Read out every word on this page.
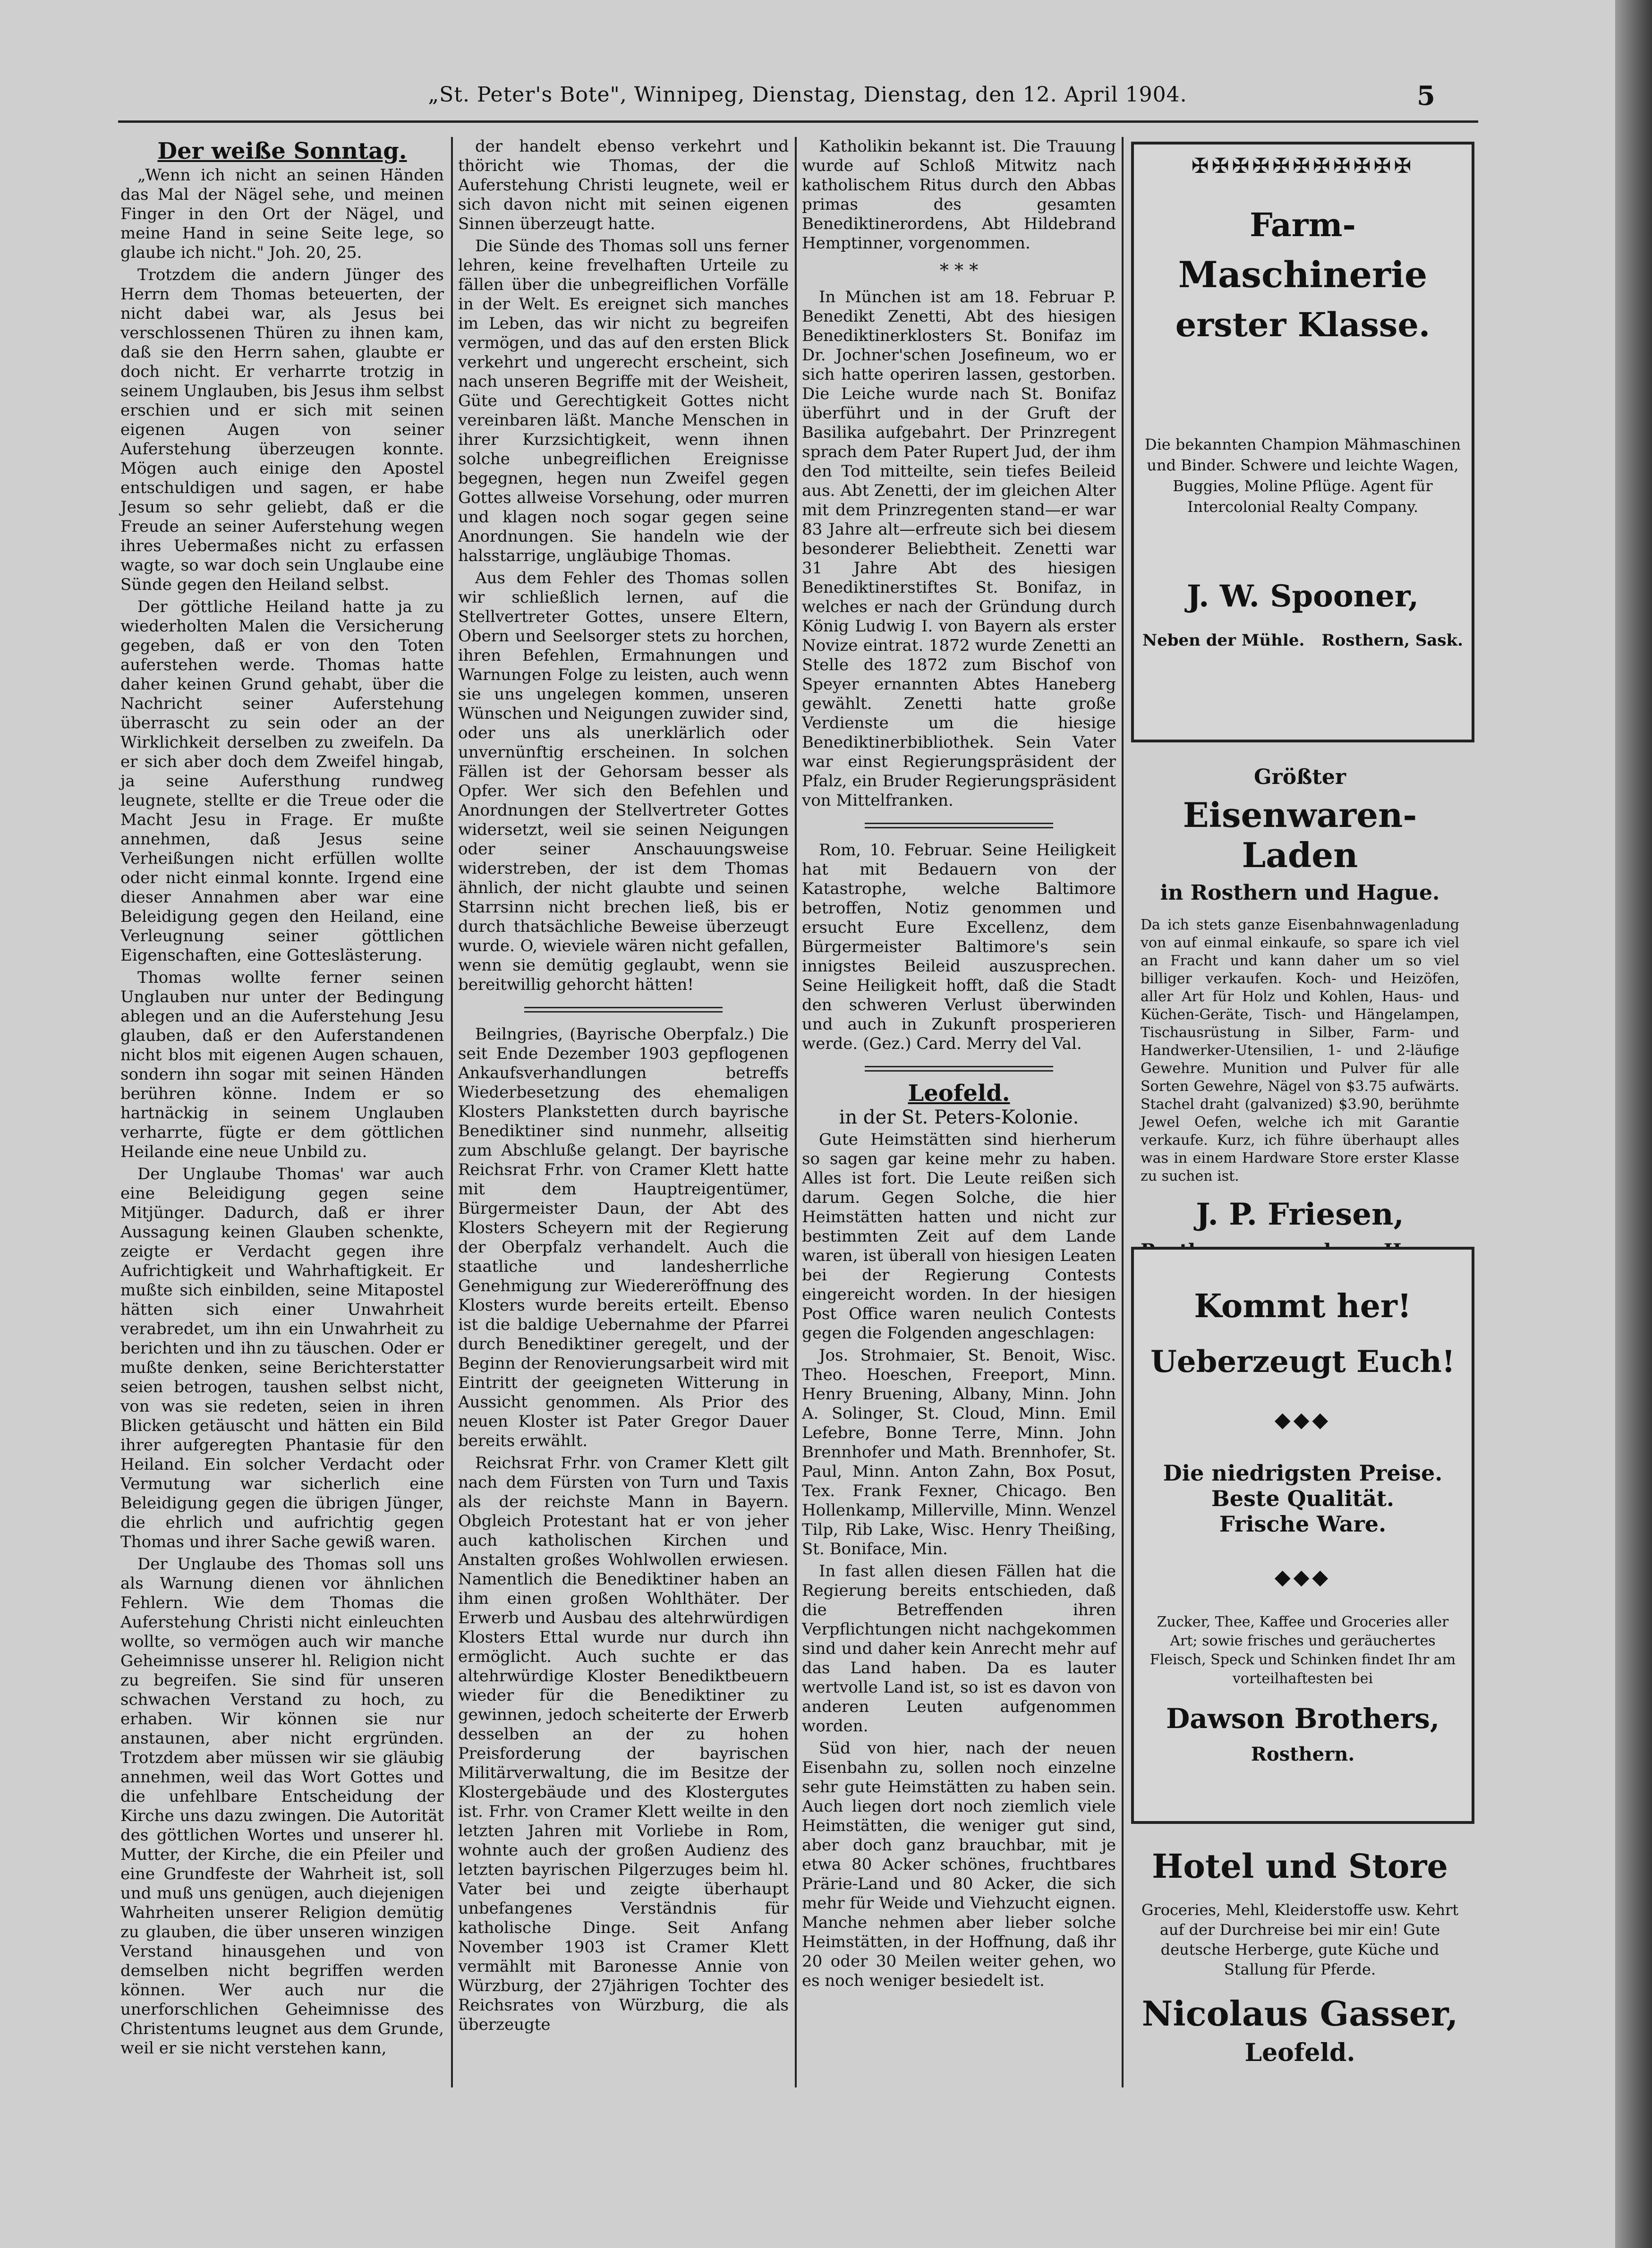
„St. Peter's Bote", Winnipeg, Dienstag, Dienstag, den 12. April 1904.	5
Der weiße Sonntag.

„Wenn ich nicht an seinen Händen das Mal der Nägel sehe, und meinen Finger in den Ort der Nägel, und meine Hand in seine Seite lege, so glaube ich nicht." Joh. 20, 25.

Trotzdem die andern Jünger des Herrn dem Thomas beteuerten, der nicht dabei war, als Jesus bei verschlossenen Thüren zu ihnen kam, daß sie den Herrn sahen, glaubte er doch nicht. Er verharrte trotzig in seinem Unglauben, bis Jesus ihm selbst erschien und er sich mit seinen eigenen Augen von seiner Auferstehung überzeugen konnte. Mögen auch einige den Apostel entschuldigen und sagen, er habe Jesum so sehr geliebt, daß er die Freude an seiner Auferstehung wegen ihres Uebermaßes nicht zu erfassen wagte, so war doch sein Unglaube eine Sünde gegen den Heiland selbst.

Der göttliche Heiland hatte ja zu wiederholten Malen die Versicherung gegeben, daß er von den Toten auferstehen werde. Thomas hatte daher keinen Grund gehabt, über die Nachricht seiner Auferstehung überrascht zu sein oder an der Wirklichkeit derselben zu zweifeln. Da er sich aber doch dem Zweifel hingab, ja seine Aufersthung rundweg leugnete, stellte er die Treue oder die Macht Jesu in Frage. Er mußte annehmen, daß Jesus seine Verheißungen nicht erfüllen wollte oder nicht einmal konnte. Irgend eine dieser Annahmen aber war eine Beleidigung gegen den Heiland, eine Verleugnung seiner göttlichen Eigenschaften, eine Gotteslästerung.

Thomas wollte ferner seinen Unglauben nur unter der Bedingung ablegen und an die Auferstehung Jesu glauben, daß er den Auferstandenen nicht blos mit eigenen Augen schauen, sondern ihn sogar mit seinen Händen berühren könne. Indem er so hartnäckig in seinem Unglauben verharrte, fügte er dem göttlichen Heilande eine neue Unbild zu.

Der Unglaube Thomas' war auch eine Beleidigung gegen seine Mitjünger. Dadurch, daß er ihrer Aussagung keinen Glauben schenkte, zeigte er Verdacht gegen ihre Aufrichtigkeit und Wahrhaftigkeit. Er mußte sich einbilden, seine Mitapostel hätten sich einer Unwahrheit verabredet, um ihn ein Unwahrheit zu berichten und ihn zu täuschen. Oder er mußte denken, seine Berichterstatter seien betrogen, taushen selbst nicht, von was sie redeten, seien in ihren Blicken getäuscht und hätten ein Bild ihrer aufgeregten Phantasie für den Heiland. Ein solcher Verdacht oder Vermutung war sicherlich eine Beleidigung gegen die übrigen Jünger, die ehrlich und aufrichtig gegen Thomas und ihrer Sache gewiß waren.

Der Unglaube des Thomas soll uns als Warnung dienen vor ähnlichen Fehlern. Wie dem Thomas die Auferstehung Christi nicht einleuchten wollte, so vermögen auch wir manche Geheimnisse unserer hl. Religion nicht zu begreifen. Sie sind für unseren schwachen Verstand zu hoch, zu erhaben. Wir können sie nur anstaunen, aber nicht ergründen. Trotzdem aber müssen wir sie gläubig annehmen, weil das Wort Gottes und die unfehlbare Entscheidung der Kirche uns dazu zwingen. Die Autorität des göttlichen Wortes und unserer hl. Mutter, der Kirche, die ein Pfeiler und eine Grundfeste der Wahrheit ist, soll und muß uns genügen, auch diejenigen Wahrheiten unserer Religion demütig zu glauben, die über unseren winzigen Verstand hinausgehen und von demselben nicht begriffen werden können. Wer auch nur die unerforschlichen Geheimnisse des Christentums leugnet aus dem Grunde, weil er sie nicht verstehen kann,

der handelt ebenso verkehrt und thöricht wie Thomas, der die Auferstehung Christi leugnete, weil er sich davon nicht mit seinen eigenen Sinnen überzeugt hatte.

Die Sünde des Thomas soll uns ferner lehren, keine frevelhaften Urteile zu fällen über die unbegreiflichen Vorfälle in der Welt. Es ereignet sich manches im Leben, das wir nicht zu begreifen vermögen, und das auf den ersten Blick verkehrt und ungerecht erscheint, sich nach unseren Begriffe mit der Weisheit, Güte und Gerechtigkeit Gottes nicht vereinbaren läßt. Manche Menschen in ihrer Kurzsichtigkeit, wenn ihnen solche unbegreiflichen Ereignisse begegnen, hegen nun Zweifel gegen Gottes allweise Vorsehung, oder murren und klagen noch sogar gegen seine Anordnungen. Sie handeln wie der halsstarrige, ungläubige Thomas.

Aus dem Fehler des Thomas sollen wir schließlich lernen, auf die Stellvertreter Gottes, unsere Eltern, Obern und Seelsorger stets zu horchen, ihren Befehlen, Ermahnungen und Warnungen Folge zu leisten, auch wenn sie uns ungelegen kommen, unseren Wünschen und Neigungen zuwider sind, oder uns als unerklärlich oder unvernünftig erscheinen. In solchen Fällen ist der Gehorsam besser als Opfer. Wer sich den Befehlen und Anordnungen der Stellvertreter Gottes widersetzt, weil sie seinen Neigungen oder seiner Anschauungsweise widerstreben, der ist dem Thomas ähnlich, der nicht glaubte und seinen Starrsinn nicht brechen ließ, bis er durch thatsächliche Beweise überzeugt wurde. O, wieviele wären nicht gefallen, wenn sie demütig geglaubt, wenn sie bereitwillig gehorcht hätten!

Beilngries, (Bayrische Oberpfalz.) Die seit Ende Dezember 1903 gepflogenen Ankaufsverhandlungen betreffs Wiederbesetzung des ehemaligen Klosters Plankstetten durch bayrische Benediktiner sind nunmehr, allseitig zum Abschluße gelangt. Der bayrische Reichsrat Frhr. von Cramer Klett hatte mit dem Hauptreigentümer, Bürgermeister Daun, der Abt des Klosters Scheyern mit der Regierung der Oberpfalz verhandelt. Auch die staatliche und landesherrliche Genehmigung zur Wiedereröffnung des Klosters wurde bereits erteilt. Ebenso ist die baldige Uebernahme der Pfarrei durch Benediktiner geregelt, und der Beginn der Renovierungsarbeit wird mit Eintritt der geeigneten Witterung in Aussicht genommen. Als Prior des neuen Kloster ist Pater Gregor Dauer bereits erwählt.

Reichsrat Frhr. von Cramer Klett gilt nach dem Fürsten von Turn und Taxis als der reichste Mann in Bayern. Obgleich Protestant hat er von jeher auch katholischen Kirchen und Anstalten großes Wohlwollen erwiesen. Namentlich die Benediktiner haben an ihm einen großen Wohlthäter. Der Erwerb und Ausbau des altehrwürdigen Klosters Ettal wurde nur durch ihn ermöglicht. Auch suchte er das altehrwürdige Kloster Benediktbeuern wieder für die Benediktiner zu gewinnen, jedoch scheiterte der Erwerb desselben an der zu hohen Preisforderung der bayrischen Militärverwaltung, die im Besitze der Klostergebäude und des Klostergutes ist. Frhr. von Cramer Klett weilte in den letzten Jahren mit Vorliebe in Rom, wohnte auch der großen Audienz des letzten bayrischen Pilgerzuges beim hl. Vater bei und zeigte überhaupt unbefangenes Verständnis für katholische Dinge. Seit Anfang November 1903 ist Cramer Klett vermählt mit Baronesse Annie von Würzburg, der 27jährigen Tochter des Reichsrates von Würzburg, die als überzeugte

Katholikin bekannt ist. Die Trauung wurde auf Schloß Mitwitz nach katholischem Ritus durch den Abbas primas des gesamten Benediktinerordens, Abt Hildebrand Hemptinner, vorgenommen.

* * *

In München ist am 18. Februar P. Benedikt Zenetti, Abt des hiesigen Benediktinerklosters St. Bonifaz im Dr. Jochner'schen Josefineum, wo er sich hatte operiren lassen, gestorben. Die Leiche wurde nach St. Bonifaz überführt und in der Gruft der Basilika aufgebahrt. Der Prinzregent sprach dem Pater Rupert Jud, der ihm den Tod mitteilte, sein tiefes Beileid aus. Abt Zenetti, der im gleichen Alter mit dem Prinzregenten stand—er war 83 Jahre alt—erfreute sich bei diesem besonderer Beliebtheit. Zenetti war 31 Jahre Abt des hiesigen Benediktinerstiftes St. Bonifaz, in welches er nach der Gründung durch König Ludwig I. von Bayern als erster Novize eintrat. 1872 wurde Zenetti an Stelle des 1872 zum Bischof von Speyer ernannten Abtes Haneberg gewählt. Zenetti hatte große Verdienste um die hiesige Benediktinerbibliothek. Sein Vater war einst Regierungspräsident der Pfalz, ein Bruder Regierungspräsident von Mittelfranken.

Rom, 10. Februar. Seine Heiligkeit hat mit Bedauern von der Katastrophe, welche Baltimore betroffen, Notiz genommen und ersucht Eure Excellenz, dem Bürgermeister Baltimore's sein innigstes Beileid auszusprechen. Seine Heiligkeit hofft, daß die Stadt den schweren Verlust überwinden und auch in Zukunft prosperieren werde. (Gez.) Card. Merry del Val.

Leofeld.
in der St. Peters-Kolonie.

Gute Heimstätten sind hierherum so sagen gar keine mehr zu haben. Alles ist fort. Die Leute reißen sich darum. Gegen Solche, die hier Heimstätten hatten und nicht zur bestimmten Zeit auf dem Lande waren, ist überall von hiesigen Leaten bei der Regierung Contests eingereicht worden. In der hiesigen Post Office waren neulich Contests gegen die Folgenden angeschlagen:

Jos. Strohmaier, St. Benoit, Wisc. Theo. Hoeschen, Freeport, Minn. Henry Bruening, Albany, Minn. John A. Solinger, St. Cloud, Minn. Emil Lefebre, Bonne Terre, Minn. John Brennhofer und Math. Brennhofer, St. Paul, Minn. Anton Zahn, Box Posut, Tex. Frank Fexner, Chicago. Ben Hollenkamp, Millerville, Minn. Wenzel Tilp, Rib Lake, Wisc. Henry Theißing, St. Boniface, Min.

In fast allen diesen Fällen hat die Regierung bereits entschieden, daß die Betreffenden ihren Verpflichtungen nicht nachgekommen sind und daher kein Anrecht mehr auf das Land haben. Da es lauter wertvolle Land ist, so ist es davon von anderen Leuten aufgenommen worden.

Süd von hier, nach der neuen Eisenbahn zu, sollen noch einzelne sehr gute Heimstätten zu haben sein. Auch liegen dort noch ziemlich viele Heimstätten, die weniger gut sind, aber doch ganz brauchbar, mit je etwa 80 Acker schönes, fruchtbares Präriе-Land und 80 Acker, die sich mehr für Weide und Viehzucht eignen. Manche nehmen aber lieber solche Heimstätten, in der Hoffnung, daß ihr 20 oder 30 Meilen weiter gehen, wo es noch weniger besiedelt ist.

✠✠✠✠✠✠✠✠✠✠✠
Farm-
Maschinerie
erster Klasse.

Die bekannten Champion Mähmaschinen und Binder. Schwere und leichte Wagen, Buggies, Moline Pflüge. Agent für Intercolonial Realty Company.

J. W. Spooner,
Neben der Mühle. Rosthern, Sask.
Größter
Eisenwaren-Laden
in Rosthern und Hague.

Da ich stets ganze Eisenbahnwagenladung von auf einmal einkaufe, so spare ich viel an Fracht und kann daher um so viel billiger verkaufen. Koch- und Heizöfen, aller Art für Holz und Kohlen, Haus- und Küchen-Geräte, Tisch- und Hängelampen, Tischausrüstung in Silber, Farm- und Handwerker-Utensilien, 1- und 2-läufige Gewehre. Munition und Pulver für alle Sorten Gewehre, Nägel von $3.75 aufwärts. Stachel draht (galvanized) $3.90, berühmte Jewel Oefen, welche ich mit Garantie verkaufe. Kurz, ich führe überhaupt alles was in einem Hardware Store erster Klasse zu suchen ist.

J. P. Friesen,
Kommt her!
Ueberzeugt Euch!
◆◆◆
Die niedrigsten Preise.
Beste Qualität.
Frische Ware.
◆◆◆

Zucker, Thee, Kaffee und Groceries aller Art; sowie frisches und geräuchertes Fleisch, Speck und Schinken findet Ihr am vorteilhaftesten bei

Dawson Brothers,
Rosthern.
Hotel und Store

Groceries, Mehl, Kleiderstoffe usw. Kehrt auf der Durchreise bei mir ein! Gute deutsche Herberge, gute Küche und Stallung für Pferde.

Nicolaus Gasser,
Leofeld.
